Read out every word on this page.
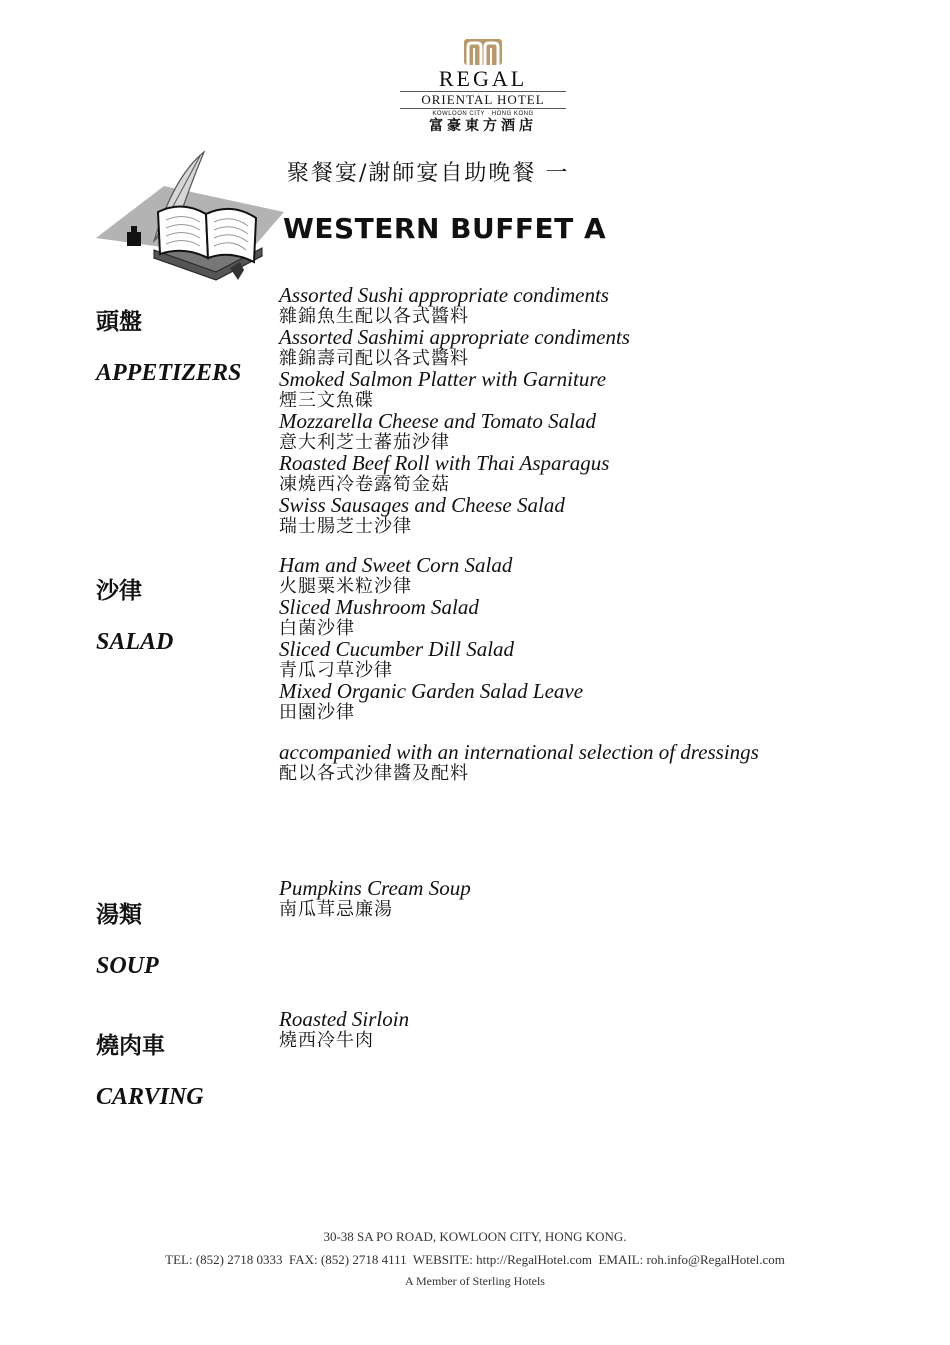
REGAL
ORIENTAL HOTEL
KOWLOON CITY · HONG KONG
富豪東方酒店
聚餐宴/謝師宴自助晚餐 一
WESTERN BUFFET A
頭盤
APPETIZERS
Assorted Sushi appropriate condiments
雜錦魚生配以各式醬料
Assorted Sashimi appropriate condiments
雜錦壽司配以各式醬料
Smoked Salmon Platter with Garniture
煙三文魚碟
Mozzarella Cheese and Tomato Salad
意大利芝士蕃茄沙律
Roasted Beef Roll with Thai Asparagus
凍燒西冷卷露筍金菇
Swiss Sausages and Cheese Salad
瑞士腸芝士沙律
沙律
SALAD
Ham and Sweet Corn Salad
火腿粟米粒沙律
Sliced Mushroom Salad
白菌沙律
Sliced Cucumber Dill Salad
青瓜刁草沙律
Mixed Organic Garden Salad Leave
田園沙律
accompanied with an international selection of dressings
配以各式沙律醬及配料
湯類
SOUP
Pumpkins Cream Soup
南瓜茸忌廉湯
燒肉車
CARVING
Roasted Sirloin
燒西冷牛肉
30-38 SA PO ROAD, KOWLOON CITY, HONG KONG.
TEL: (852) 2718 0333 FAX: (852) 2718 4111 WEBSITE: http://RegalHotel.com EMAIL: roh.info@RegalHotel.com
A Member of Sterling Hotels
